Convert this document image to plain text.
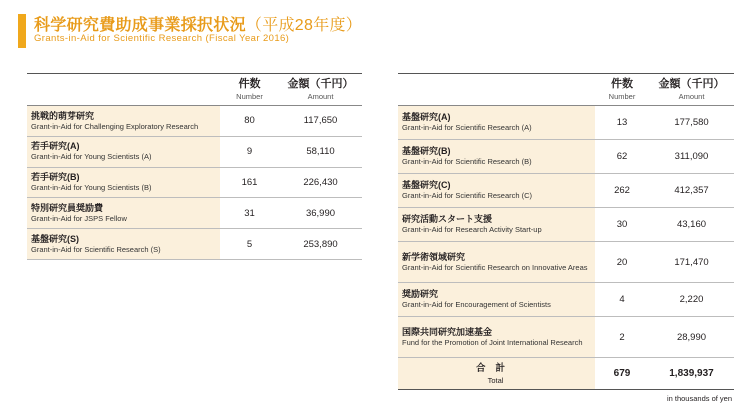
科学研究費助成事業採択状況（平成28年度）
Grants-in-Aid for Scientific Research (Fiscal Year 2016)

	件数
Number	金額（千円）
Amount

挑戦的萌芽研究
Grant-in-Aid for Challenging Exploratory Research	80	117,650

若手研究(A)
Grant-in-Aid for Young Scientists (A)	9	58,110

若手研究(B)
Grant-in-Aid for Young Scientists (B)	161	226,430

特別研究員奨励費
Grant-in-Aid for JSPS Fellow	31	36,990

基盤研究(S)
Grant-in-Aid for Scientific Research (S)	5	253,890

	件数
Number	金額（千円）
Amount

基盤研究(A)
Grant-in-Aid for Scientific Research (A)	13	177,580

基盤研究(B)
Grant-in-Aid for Scientific Research (B)	62	311,090

基盤研究(C)
Grant-in-Aid for Scientific Research (C)	262	412,357

研究活動スタート支援
Grant-in-Aid for Research Activity Start-up	30	43,160

新学術領域研究
Grant-in-Aid for Scientific Research on Innovative Areas	20	171,470

奨励研究
Grant-in-Aid for Encouragement of Scientists	4	2,220

国際共同研究加速基金
Fund for the Promotion of Joint International Research	2	28,990

合計
Total	679	1,839,937
in thousands of yen
